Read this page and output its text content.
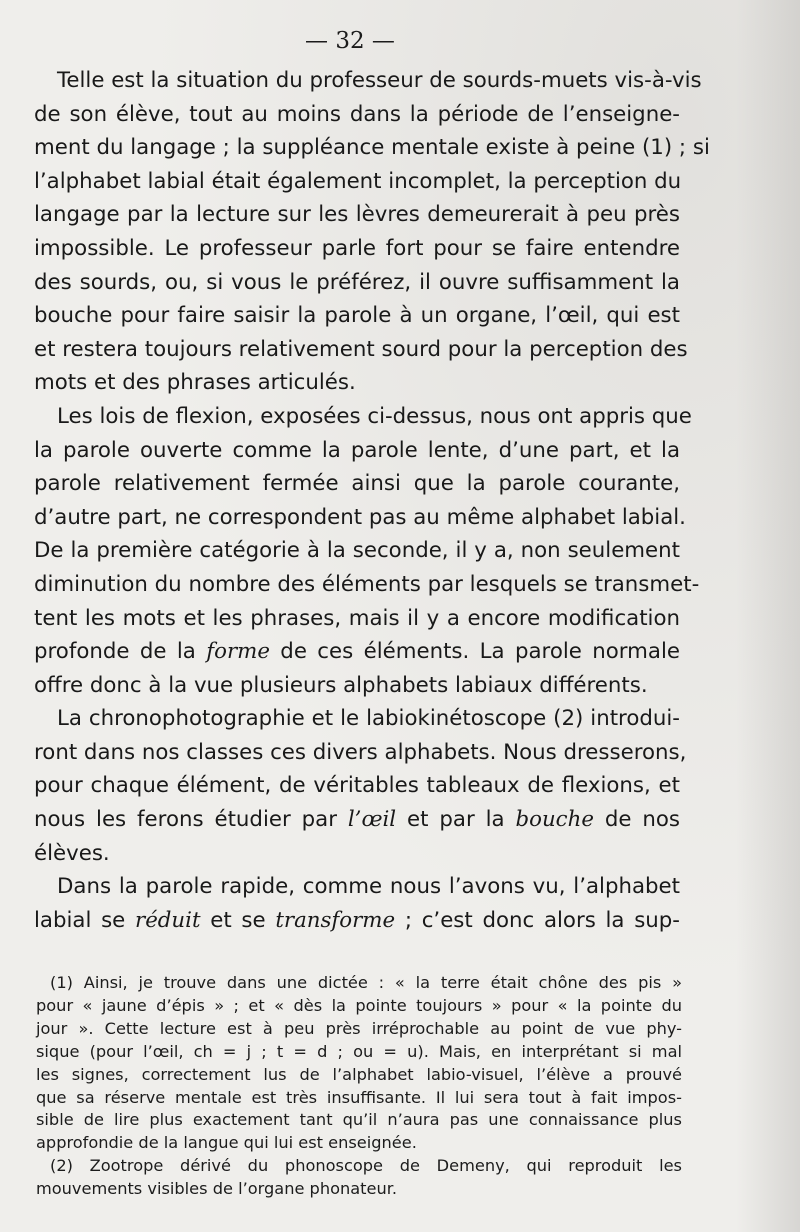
— 32 —

Telle est la situation du professeur de sourds-muets vis-à-vis
de son élève, tout au moins dans la période de l’enseigne-
ment du langage ; la suppléance mentale existe à peine (1) ; si
l’alphabet labial était également incomplet, la perception du
langage par la lecture sur les lèvres demeurerait à peu près
impossible. Le professeur parle fort pour se faire entendre
des sourds, ou, si vous le préférez, il ouvre suffisamment la
bouche pour faire saisir la parole à un organe, l’œil, qui est
et restera toujours relativement sourd pour la perception des
mots et des phrases articulés.

Les lois de flexion, exposées ci-dessus, nous ont appris que
la parole ouverte comme la parole lente, d’une part, et la
parole relativement fermée ainsi que la parole courante,
d’autre part, ne correspondent pas au même alphabet labial.
De la première catégorie à la seconde, il y a, non seulement
diminution du nombre des éléments par lesquels se transmet-
tent les mots et les phrases, mais il y a encore modification
profonde de la forme de ces éléments. La parole normale
offre donc à la vue plusieurs alphabets labiaux différents.

La chronophotographie et le labiokinétoscope (2) introdui-
ront dans nos classes ces divers alphabets. Nous dresserons,
pour chaque élément, de véritables tableaux de flexions, et
nous les ferons étudier par l’œil et par la bouche de nos
élèves.

Dans la parole rapide, comme nous l’avons vu, l’alphabet
labial se réduit et se transforme ; c’est donc alors la sup-

(1) Ainsi, je trouve dans une dictée : « la terre était chône des pis »
pour « jaune d’épis » ; et « dès la pointe toujours » pour « la pointe du
jour ». Cette lecture est à peu près irréprochable au point de vue phy-
sique (pour l’œil, ch = j ; t = d ; ou = u). Mais, en interprétant si mal
les signes, correctement lus de l’alphabet labio-visuel, l’élève a prouvé
que sa réserve mentale est très insuffisante. Il lui sera tout à fait impos-
sible de lire plus exactement tant qu’il n’aura pas une connaissance plus
approfondie de la langue qui lui est enseignée.
(2) Zootrope dérivé du phonoscope de Demeny, qui reproduit les
mouvements visibles de l’organe phonateur.
